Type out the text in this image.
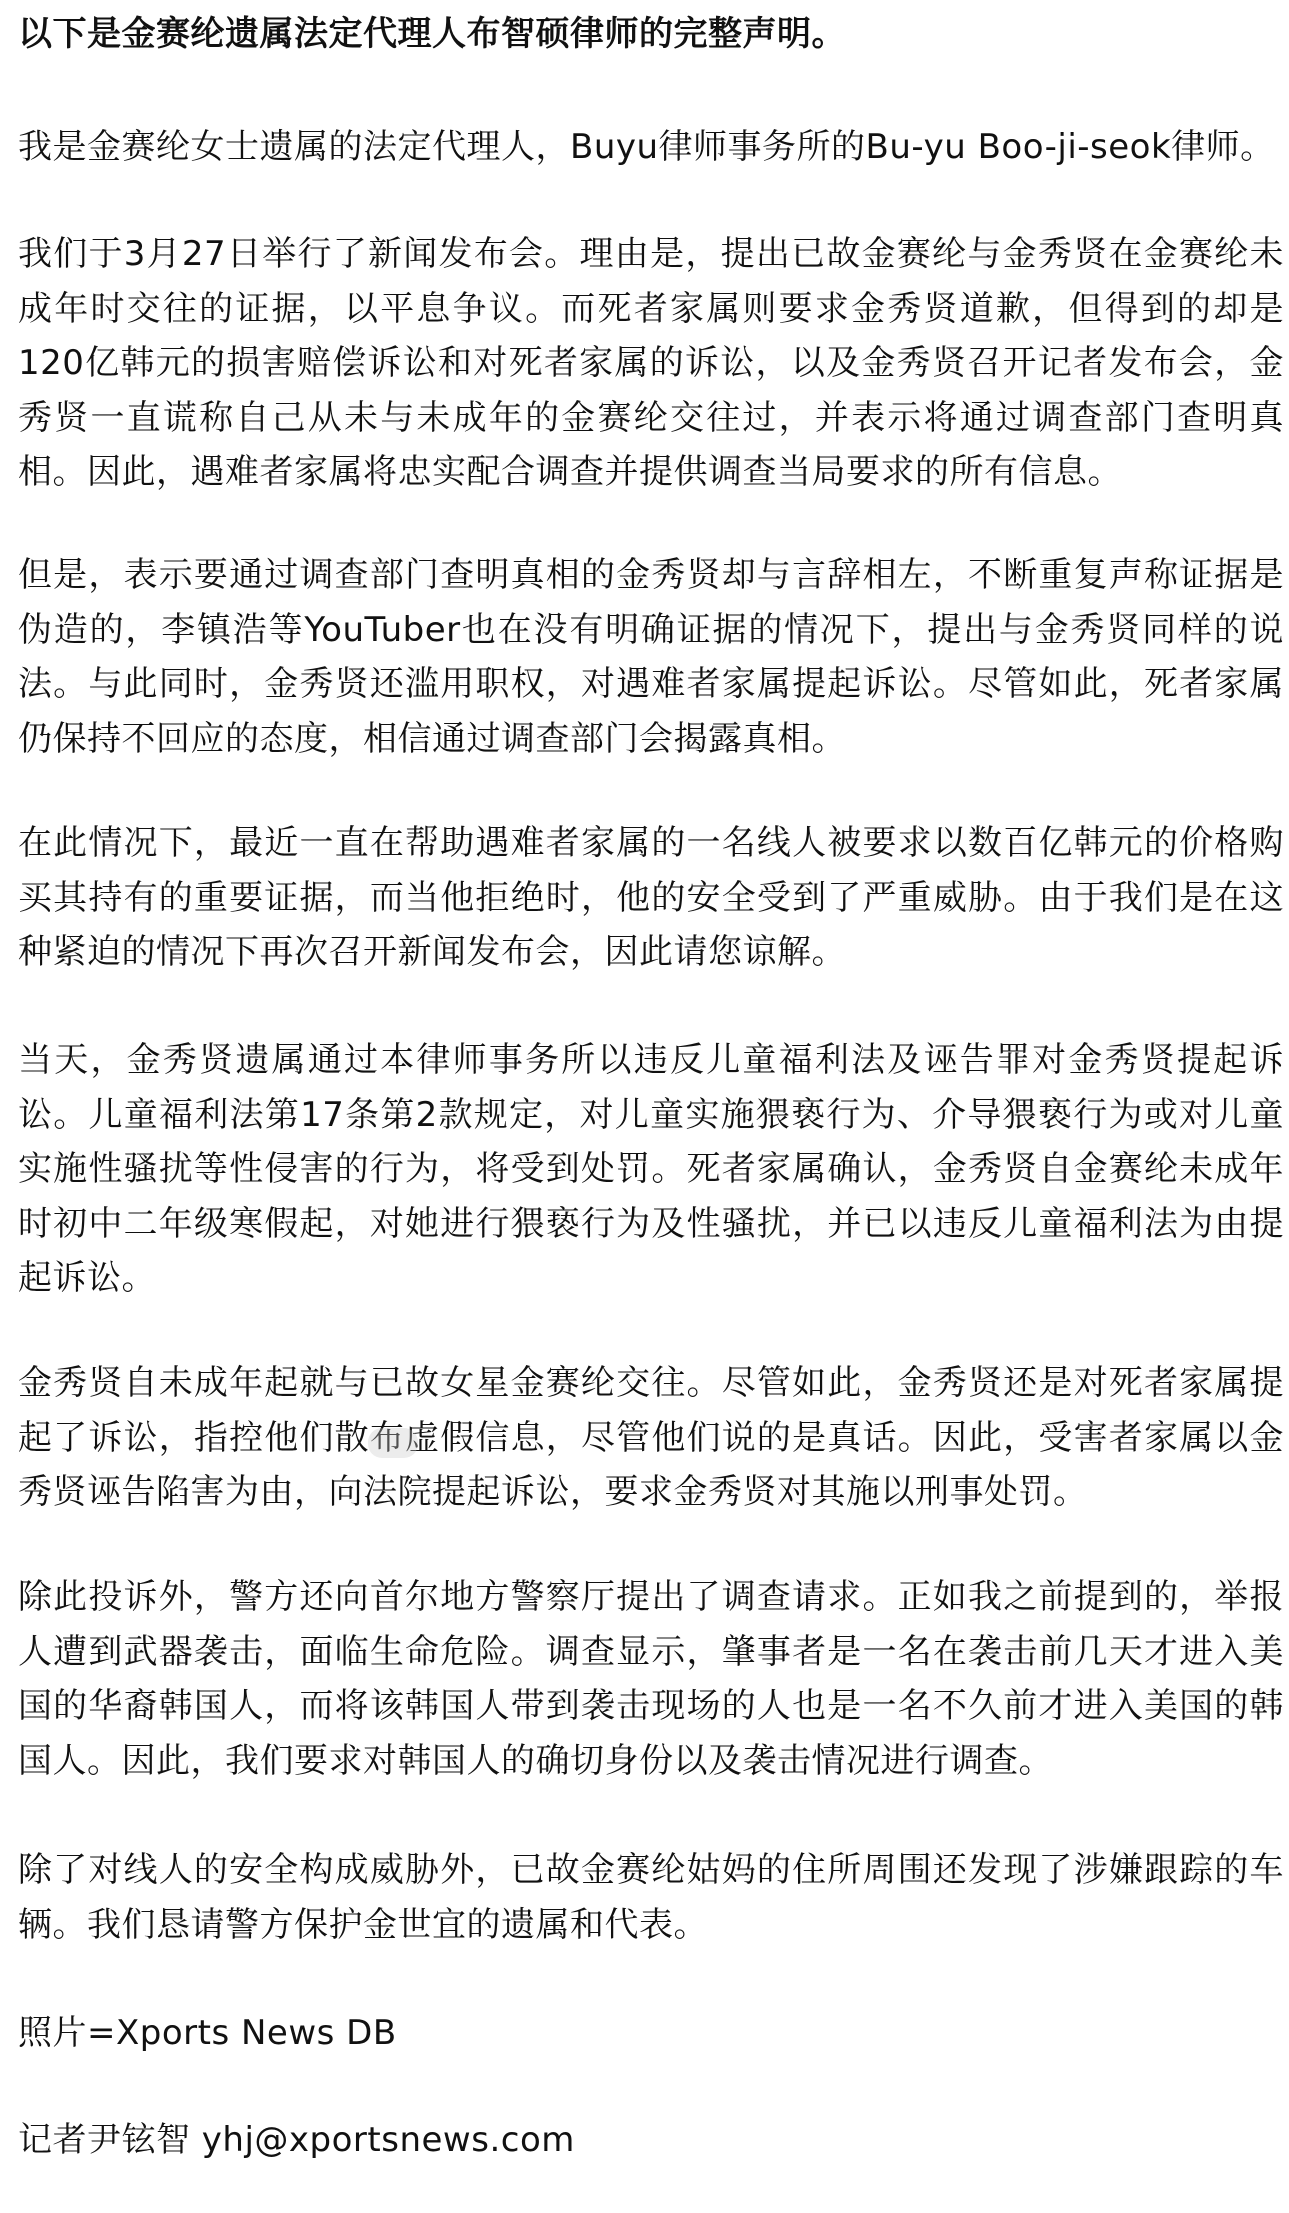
以下是金赛纶遗属法定代理人布智硕律师的完整声明。

我是金赛纶女士遗属的法定代理人，Buyu律师事务所的Bu-yu Boo-ji-seok律师。

我们于3月27日举行了新闻发布会。理由是，提出已故金赛纶与金秀贤在金赛纶未成年时交往的证据，以平息争议。而死者家属则要求金秀贤道歉，但得到的却是120亿韩元的损害赔偿诉讼和对死者家属的诉讼，以及金秀贤召开记者发布会，金秀贤一直谎称自己从未与未成年的金赛纶交往过，并表示将通过调查部门查明真相。因此，遇难者家属将忠实配合调查并提供调查当局要求的所有信息。

但是，表示要通过调查部门查明真相的金秀贤却与言辞相左，不断重复声称证据是伪造的，李镇浩等YouTuber也在没有明确证据的情况下，提出与金秀贤同样的说法。与此同时，金秀贤还滥用职权，对遇难者家属提起诉讼。尽管如此，死者家属仍保持不回应的态度，相信通过调查部门会揭露真相。

在此情况下，最近一直在帮助遇难者家属的一名线人被要求以数百亿韩元的价格购买其持有的重要证据，而当他拒绝时，他的安全受到了严重威胁。由于我们是在这种紧迫的情况下再次召开新闻发布会，因此请您谅解。

当天，金秀贤遗属通过本律师事务所以违反儿童福利法及诬告罪对金秀贤提起诉讼。儿童福利法第17条第2款规定，对儿童实施猥亵行为、介导猥亵行为或对儿童实施性骚扰等性侵害的行为，将受到处罚。死者家属确认，金秀贤自金赛纶未成年时初中二年级寒假起，对她进行猥亵行为及性骚扰，并已以违反儿童福利法为由提起诉讼。

金秀贤自未成年起就与已故女星金赛纶交往。尽管如此，金秀贤还是对死者家属提起了诉讼，指控他们散布虚假信息，尽管他们说的是真话。因此，受害者家属以金秀贤诬告陷害为由，向法院提起诉讼，要求金秀贤对其施以刑事处罚。

除此投诉外，警方还向首尔地方警察厅提出了调查请求。正如我之前提到的，举报人遭到武器袭击，面临生命危险。调查显示，肇事者是一名在袭击前几天才进入美国的华裔韩国人，而将该韩国人带到袭击现场的人也是一名不久前才进入美国的韩国人。因此，我们要求对韩国人的确切身份以及袭击情况进行调查。

除了对线人的安全构成威胁外，已故金赛纶姑妈的住所周围还发现了涉嫌跟踪的车辆。我们恳请警方保护金世宜的遗属和代表。

照片=Xports News DB

记者尹铉智 yhj@xportsnews.com
